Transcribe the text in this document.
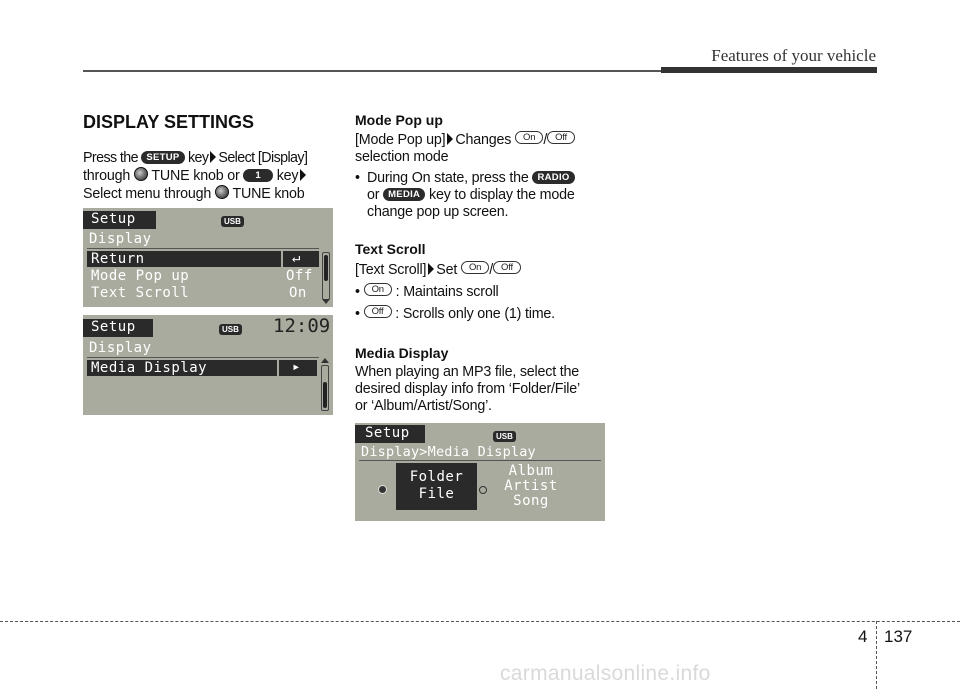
Features of your vehicle
DISPLAY SETTINGS
Press the SETUP key Select [Display]
through TUNE knob or 1 key
Select menu through TUNE knob
Setup	USB
Display
Return	↵
Mode Pop up	Off
Text Scroll	On
Setup	USB 12:09
Display
Media Display	▸
Mode Pop up
[Mode Pop up] Changes On / Off
selection mode
• During On state, press the RADIO
or MEDIA key to display the mode
change pop up screen.
Text Scroll
[Text Scroll] Set On / Off
• On : Maintains scroll
• Off : Scrolls only one (1) time.
Media Display
When playing an MP3 file, select the
desired display info from ‘Folder/File’
or ‘Album/Artist/Song’.
Setup	USB
Display>Media Display
Folder
File
Album
Artist
Song
4 137
carmanualsonline.info
